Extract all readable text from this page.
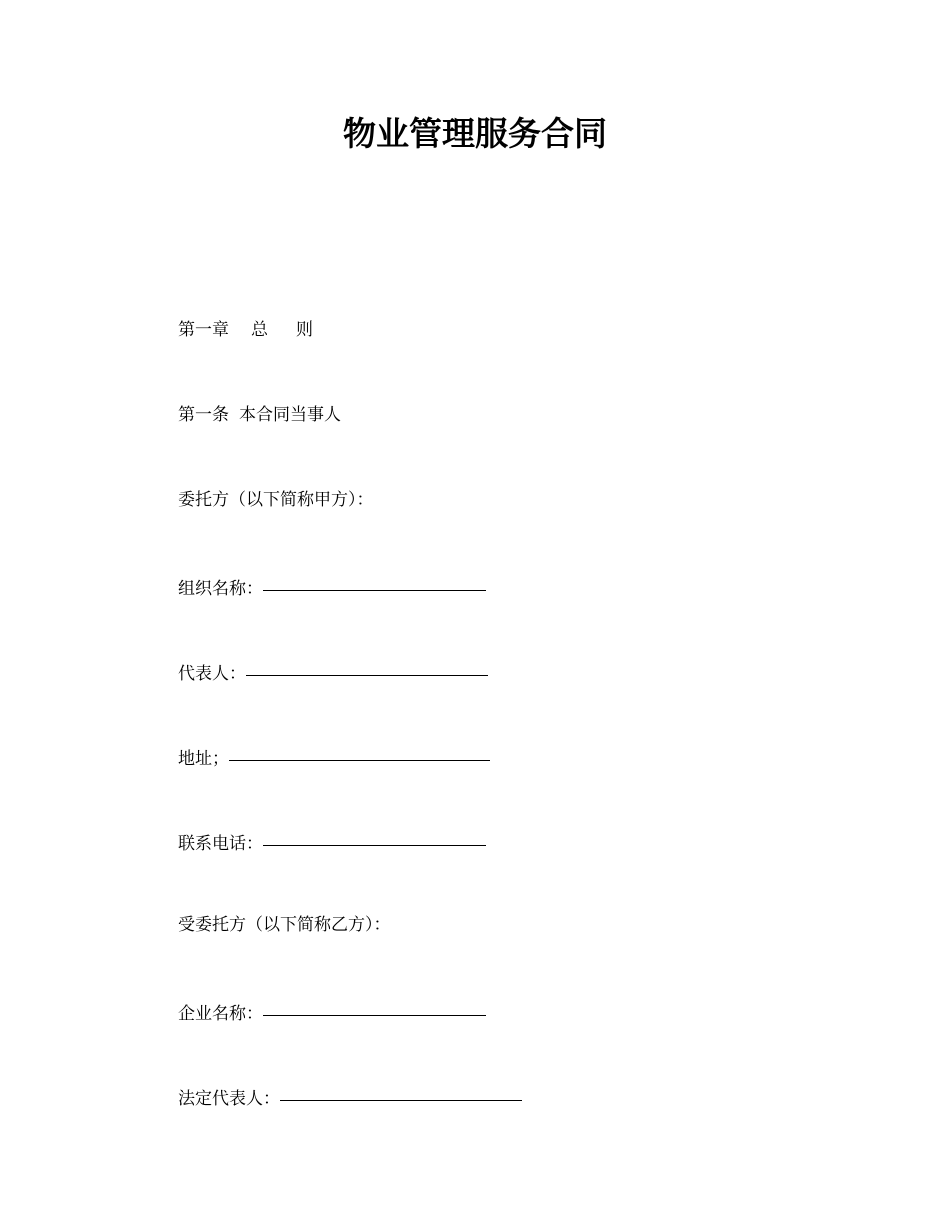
物业管理服务合同
第一章 总 则
第一条 本合同当事人
委托方（以下简称甲方）：
组织名称：
代表人：
地址；
联系电话：
受委托方（以下简称乙方）：
企业名称：
法定代表人：
